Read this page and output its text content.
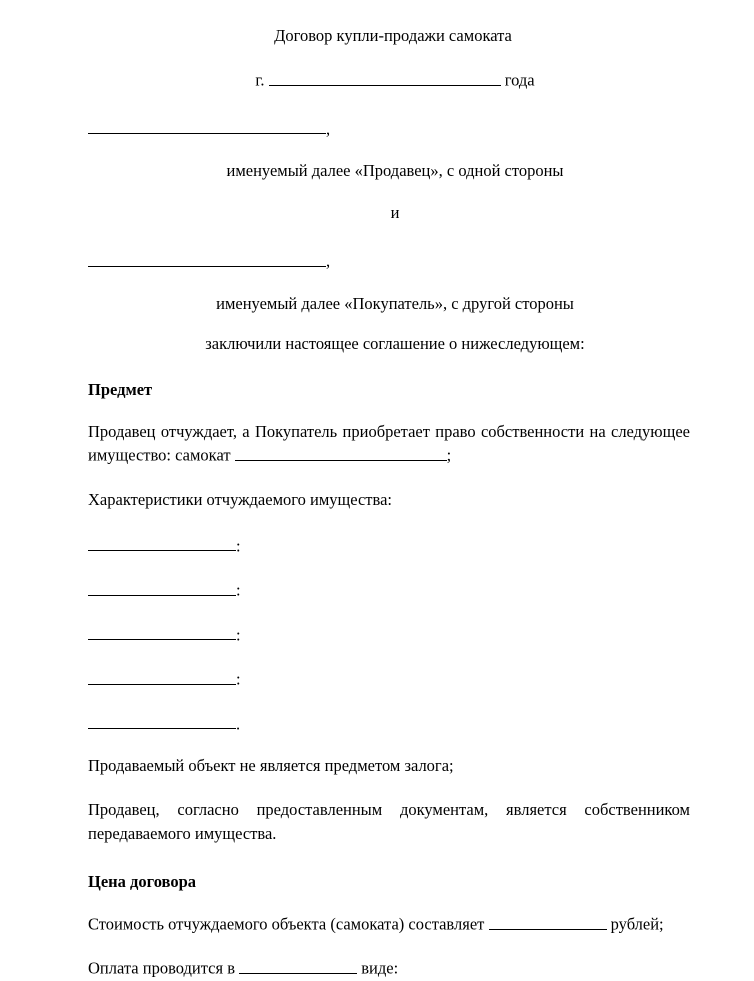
Договор купли-продажи самоката
г.	года
,
именуемый далее «Продавец», с одной стороны
и
,
именуемый далее «Покупатель», с другой стороны
заключили настоящее соглашение о нижеследующем:
Предмет
Продавец отчуждает, а Покупатель приобретает право собственности на следующее имущество: самокат	;
Характеристики отчуждаемого имущества:
:
:
:
:
.
Продаваемый объект не является предметом залога;
Продавец, согласно предоставленным документам, является собственником передаваемого имущества.
Цена договора
Стоимость отчуждаемого объекта (самоката) составляет	рублей;
Оплата проводится в	виде:
